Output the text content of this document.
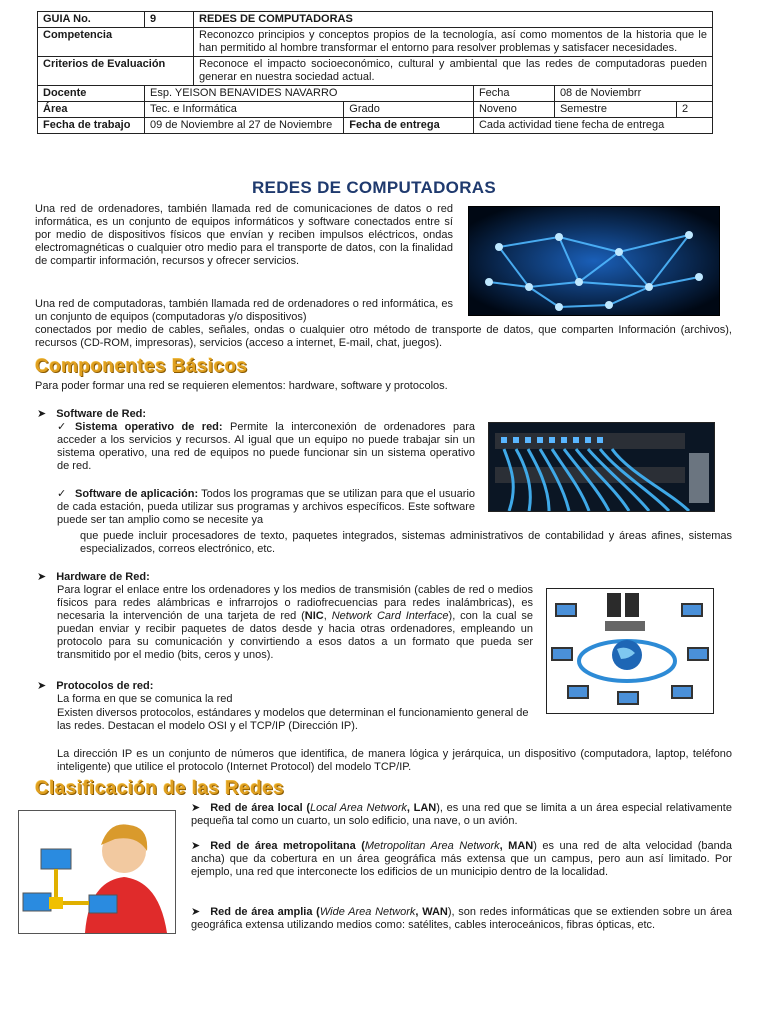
GUIA No.	9	REDES DE COMPUTADORAS				
Competencia		Reconozco principios y conceptos propios de la tecnología, así como momentos de la historia que le han permitido al hombre transformar el entorno para resolver problemas y satisfacer necesidades.				
Criterios de Evaluación		Reconoce el impacto socioeconómico, cultural y ambiental que las redes de computadoras pueden generar en nuestra sociedad actual.				
Docente	Esp. YEISON BENAVIDES NAVARRO			Fecha	08 de Noviembrr	
Área	Tec. e Informática		Grado	Noveno	Semestre	2
Fecha de trabajo	09 de Noviembre al 27 de Noviembre		Fecha de entrega	Cada actividad tiene fecha de entrega		
REDES DE COMPUTADORAS
Una red de ordenadores, también llamada red de comunicaciones de datos o red informática, es un conjunto de equipos informáticos y software conectados entre sí por medio de dispositivos físicos que envían y reciben impulsos eléctricos, ondas electromagnéticas o cualquier otro medio para el transporte de datos, con la finalidad de compartir información, recursos y ofrecer servicios.
Una red de computadoras, también llamada red de ordenadores o red informática, es un conjunto de equipos (computadoras y/o dispositivos)
conectados por medio de cables, señales, ondas o cualquier otro método de transporte de datos, que comparten Información (archivos), recursos (CD-ROM, impresoras), servicios (acceso a internet, E-mail, chat, juegos).
Componentes Básicos
Para poder formar una red se requieren elementos: hardware, software y protocolos.
➤ Software de Red:
✓ Sistema operativo de red: Permite la interconexión de ordenadores para acceder a los servicios y recursos. Al igual que un equipo no puede trabajar sin un sistema operativo, una red de equipos no puede funcionar sin un sistema operativo de red.
✓ Software de aplicación: Todos los programas que se utilizan para que el usuario de cada estación, pueda utilizar sus programas y archivos específicos. Este software puede ser tan amplio como se necesite ya
que puede incluir procesadores de texto, paquetes integrados, sistemas administrativos de contabilidad y áreas afines, sistemas especializados, correos electrónico, etc.
➤ Hardware de Red:
Para lograr el enlace entre los ordenadores y los medios de transmisión (cables de red o medios físicos para redes alámbricas e infrarrojos o radiofrecuencias para redes inalámbricas), es necesaria la intervención de una tarjeta de red (NIC, Network Card Interface), con la cual se puedan enviar y recibir paquetes de datos desde y hacia otras ordenadores, empleando un protocolo para su comunicación y convirtiendo a esos datos a un formato que pueda ser transmitido por el medio (bits, ceros y unos).
➤ Protocolos de red:
La forma en que se comunica la red
Existen diversos protocolos, estándares y modelos que determinan el funcionamiento general de las redes. Destacan el modelo OSI y el TCP/IP (Dirección IP).
La dirección IP es un conjunto de números que identifica, de manera lógica y jerárquica, un dispositivo (computadora, laptop, teléfono inteligente) que utilice el protocolo (Internet Protocol) del modelo TCP/IP.
Clasificación de las Redes
➤ Red de área local (Local Area Network, LAN), es una red que se limita a un área especial relativamente pequeña tal como un cuarto, un solo edificio, una nave, o un avión.
➤ Red de área metropolitana (Metropolitan Area Network, MAN) es una red de alta velocidad (banda ancha) que da cobertura en un área geográfica más extensa que un campus, pero aun así limitado. Por ejemplo, una red que interconecte los edificios de un municipio dentro de la localidad.
➤ Red de área amplia (Wide Area Network, WAN), son redes informáticas que se extienden sobre un área geográfica extensa utilizando medios como: satélites, cables interoceánicos, fibras ópticas, etc.
